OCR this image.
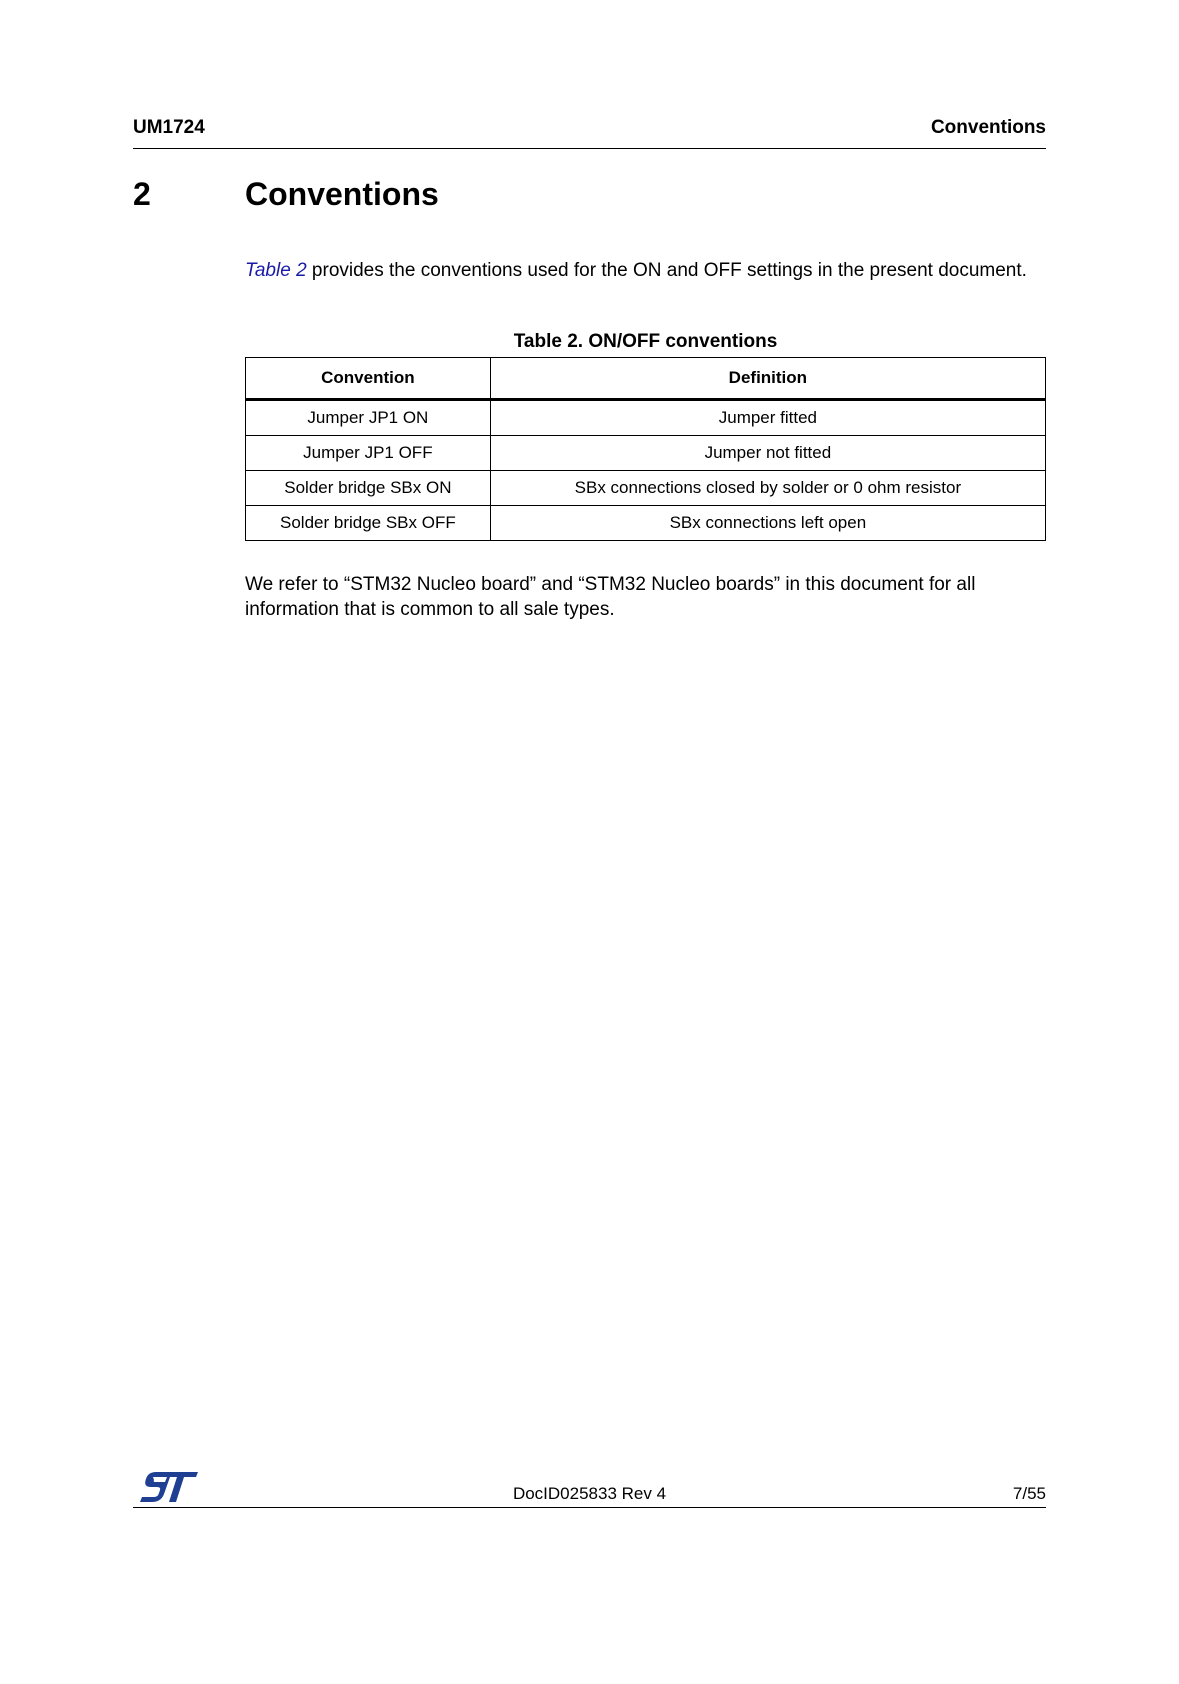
UM1724	Conventions
2	Conventions
Table 2 provides the conventions used for the ON and OFF settings in the present document.
Table 2. ON/OFF conventions
Convention	Definition
Jumper JP1 ON	Jumper fitted
Jumper JP1 OFF	Jumper not fitted
Solder bridge SBx ON	SBx connections closed by solder or 0 ohm resistor
Solder bridge SBx OFF	SBx connections left open
We refer to “STM32 Nucleo board” and “STM32 Nucleo boards” in this document for all information that is common to all sale types.
DocID025833 Rev 4	7/55
